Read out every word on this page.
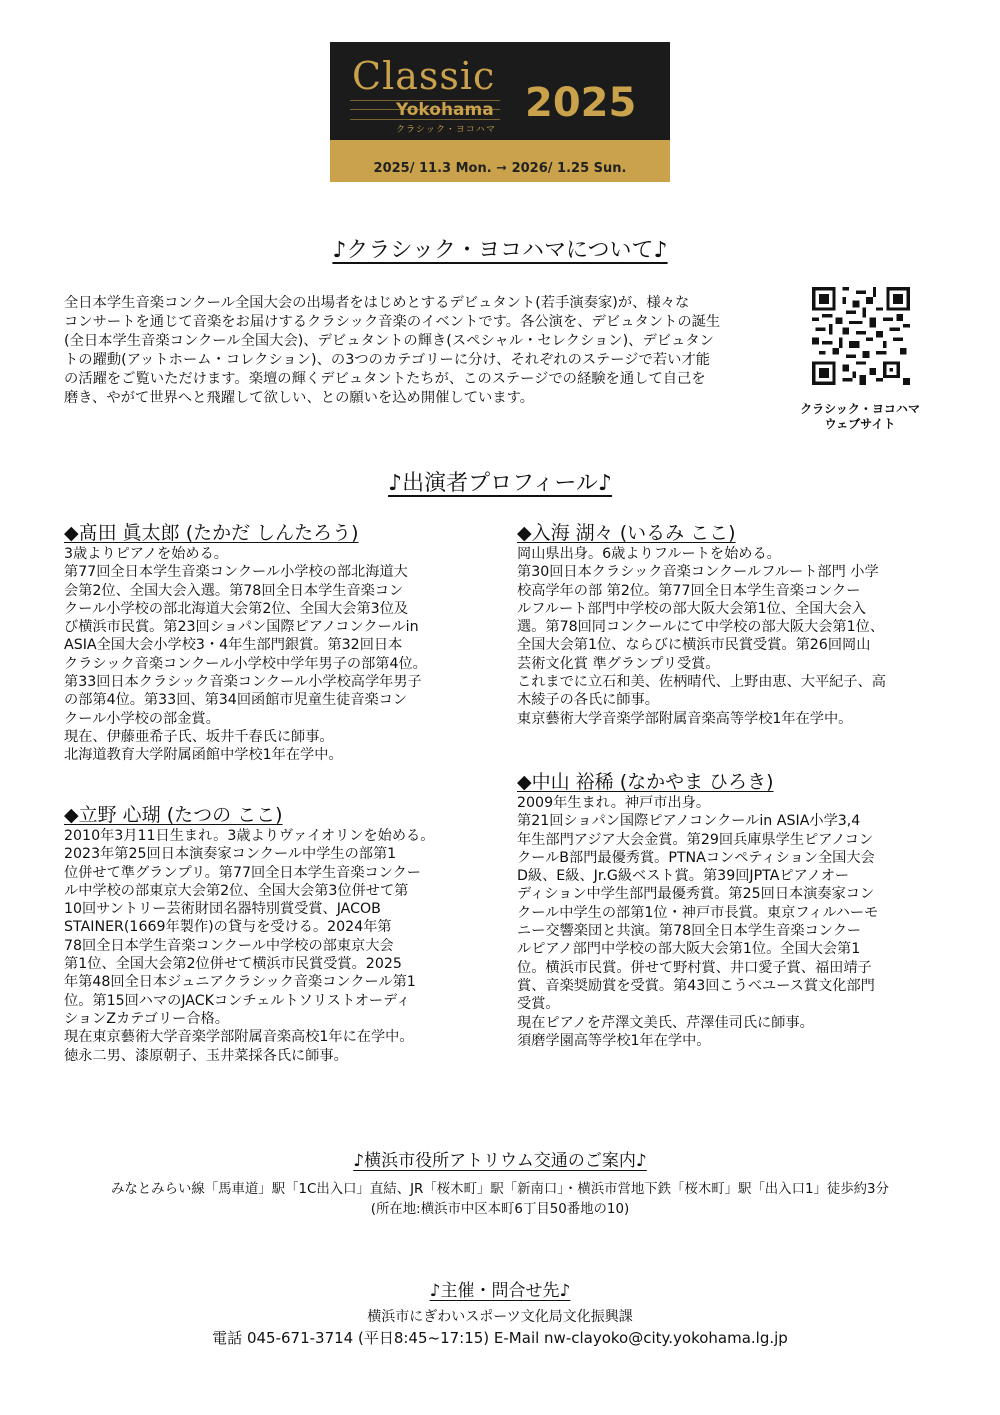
Classic
Yokohama
クラシック・ヨコハマ
2025
2025/ 11.3 Mon. ➞ 2026/ 1.25 Sun.
♪クラシック・ヨコハマについて♪
全日本学生音楽コンクール全国大会の出場者をはじめとするデビュタント(若手演奏家)が、様々な
コンサートを通じて音楽をお届けするクラシック音楽のイベントです。各公演を、デビュタントの誕生
(全日本学生音楽コンクール全国大会)、デビュタントの輝き(スペシャル・セレクション)、デビュタン
トの躍動(アットホーム・コレクション)、の3つのカテゴリーに分け、それぞれのステージで若い才能
の活躍をご覧いただけます。楽壇の輝くデビュタントたちが、このステージでの経験を通して自己を
磨き、やがて世界へと飛躍して欲しい、との願いを込め開催しています。
クラシック・ヨコハマ
ウェブサイト
♪出演者プロフィール♪
◆髙田 眞太郎 (たかだ しんたろう)
3歳よりピアノを始める。
第77回全日本学生音楽コンクール小学校の部北海道大
会第2位、全国大会入選。第78回全日本学生音楽コン
クール小学校の部北海道大会第2位、全国大会第3位及
び横浜市民賞。第23回ショパン国際ピアノコンクールin
ASIA全国大会小学校3・4年生部門銀賞。第32回日本
クラシック音楽コンクール小学校中学年男子の部第4位。
第33回日本クラシック音楽コンクール小学校高学年男子
の部第4位。第33回、第34回函館市児童生徒音楽コン
クール小学校の部金賞。
現在、伊藤亜希子氏、坂井千春氏に師事。
北海道教育大学附属函館中学校1年在学中。
◆入海 湖々 (いるみ ここ)
岡山県出身。6歳よりフルートを始める。
第30回日本クラシック音楽コンクールフルート部門 小学
校高学年の部 第2位。第77回全日本学生音楽コンクー
ルフルート部門中学校の部大阪大会第1位、全国大会入
選。第78回同コンクールにて中学校の部大阪大会第1位、
全国大会第1位、ならびに横浜市民賞受賞。第26回岡山
芸術文化賞 準グランプリ受賞。
これまでに立石和美、佐柄晴代、上野由恵、大平紀子、高
木綾子の各氏に師事。
東京藝術大学音楽学部附属音楽高等学校1年在学中。
◆立野 心瑚 (たつの ここ)
2010年3月11日生まれ。3歳よりヴァイオリンを始める。
2023年第25回日本演奏家コンクール中学生の部第1
位併せて準グランプリ。第77回全日本学生音楽コンクー
ル中学校の部東京大会第2位、全国大会第3位併せて第
10回サントリー芸術財団名器特別賞受賞、JACOB
STAINER(1669年製作)の貸与を受ける。2024年第
78回全日本学生音楽コンクール中学校の部東京大会
第1位、全国大会第2位併せて横浜市民賞受賞。2025
年第48回全日本ジュニアクラシック音楽コンクール第1
位。第15回ハマのJACKコンチェルトソリストオーディ
ションZカテゴリー合格。
現在東京藝術大学音楽学部附属音楽高校1年に在学中。
徳永二男、漆原朝子、玉井菜採各氏に師事。
◆中山 裕稀 (なかやま ひろき)
2009年生まれ。神戸市出身。
第21回ショパン国際ピアノコンクールin ASIA小学3,4
年生部門アジア大会金賞。第29回兵庫県学生ピアノコン
クールB部門最優秀賞。PTNAコンペティション全国大会
D級、E級、Jr.G級ベスト賞。第39回JPTAピアノオー
ディション中学生部門最優秀賞。第25回日本演奏家コン
クール中学生の部第1位・神戸市長賞。東京フィルハーモ
ニー交響楽団と共演。第78回全日本学生音楽コンクー
ルピアノ部門中学校の部大阪大会第1位。全国大会第1
位。横浜市民賞。併せて野村賞、井口愛子賞、福田靖子
賞、音楽奨励賞を受賞。第43回こうべユース賞文化部門
受賞。
現在ピアノを芹澤文美氏、芹澤佳司氏に師事。
須磨学園高等学校1年在学中。
♪横浜市役所アトリウム交通のご案内♪
みなとみらい線「馬車道」駅「1C出入口」直結、JR「桜木町」駅「新南口」・横浜市営地下鉄「桜木町」駅「出入口1」徒歩約3分
(所在地:横浜市中区本町6丁目50番地の10)
♪主催・問合せ先♪
横浜市にぎわいスポーツ文化局文化振興課
電話 045-671-3714 (平日8:45~17:15) E-Mail nw-clayoko@city.yokohama.lg.jp
